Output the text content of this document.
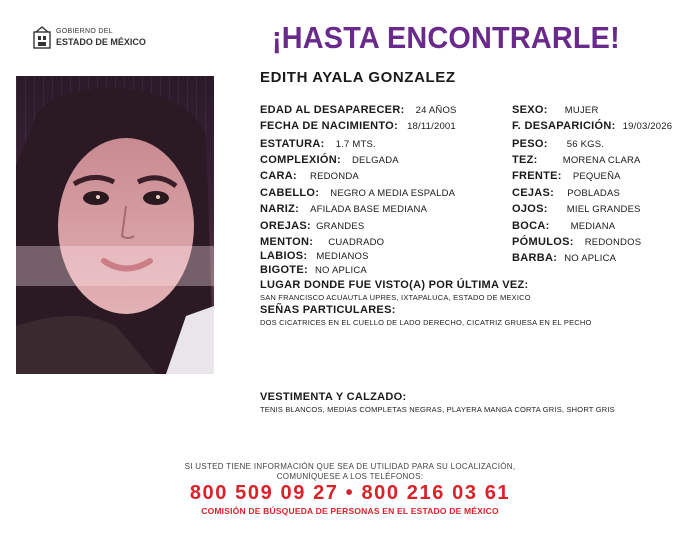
GOBIERNO DEL
ESTADO DE MÉXICO	¡HASTA ENCONTRARLE!
EDITH AYALA GONZALEZ
EDAD AL DESAPARECER: 24 AÑOS
FECHA DE NACIMIENTO: 18/11/2001
ESTATURA: 1.7 MTS.
COMPLEXIÓN: DELGADA
CARA: REDONDA
CABELLO: NEGRO A MEDIA ESPALDA
NARIZ: AFILADA BASE MEDIANA
OREJAS: GRANDES
MENTON: CUADRADO
LABIOS: MEDIANOS
BIGOTE: NO APLICA
SEXO: MUJER
F. DESAPARICIÓN: 19/03/2026
PESO: 56 KGS.
TEZ:	MORENA CLARA
FRENTE: PEQUEÑA
CEJAS: POBLADAS
OJOS: MIEL GRANDES
BOCA: MEDIANA
PÓMULOS: REDONDOS
BARBA: NO APLICA
LUGAR DONDE FUE VISTO(A) POR ÚLTIMA VEZ:
SAN FRANCISCO ACUAUTLA UPRES, IXTAPALUCA, ESTADO DE MEXICO
SEÑAS PARTICULARES:
DOS CICATRICES EN EL CUELLO DE LADO DERECHO, CICATRIZ GRUESA EN EL PECHO
VESTIMENTA Y CALZADO:
TENIS BLANCOS, MEDIAS COMPLETAS NEGRAS, PLAYERA MANGA CORTA GRIS, SHORT GRIS
SI USTED TIENE INFORMACIÓN QUE SEA DE UTILIDAD PARA SU LOCALIZACIÓN,
COMUNÍQUESE A LOS TELÉFONOS:
800 509 09 27 • 800 216 03 61
COMISIÓN DE BÚSQUEDA DE PERSONAS EN EL ESTADO DE MÉXICO
